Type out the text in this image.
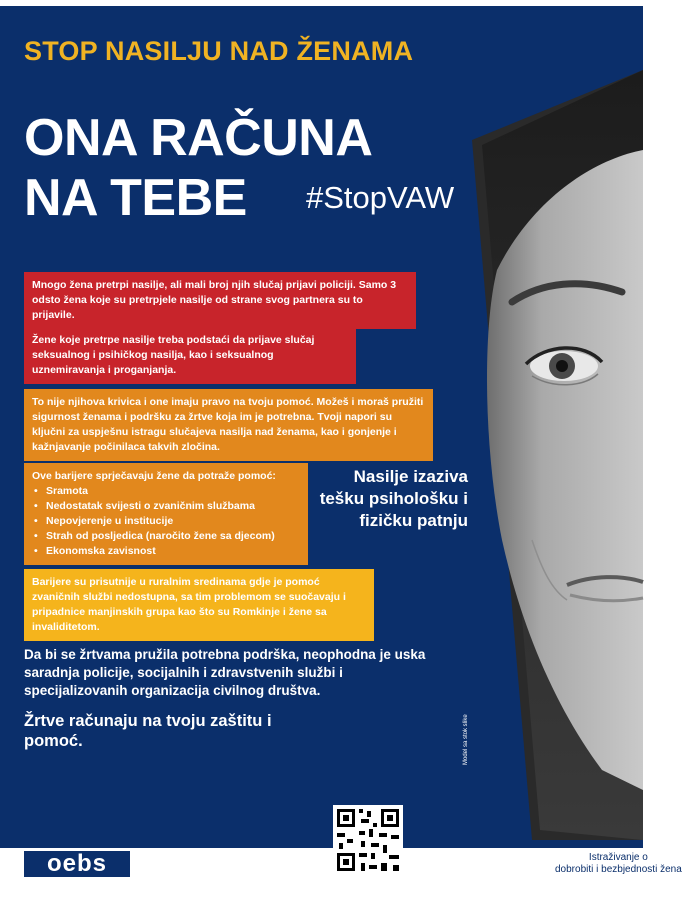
STOP NASILJU NAD ŽENAMA
ONA RAČUNA
NA TEBE	#StopVAW
Mnogo žena pretrpi nasilje, ali mali broj njih slučaj prijavi policiji. Samo 3 odsto žena koje su pretrpjele nasilje od strane svog partnera su to prijavile.
Žene koje pretrpe nasilje treba podstaći da prijave slučaj seksualnog i psihičkog nasilja, kao i seksualnog uznemiravanja i proganjanja.
To nije njihova krivica i one imaju pravo na tvoju pomoć. Možeš i moraš pružiti sigurnost ženama i podršku za žrtve koja im je potrebna. Tvoji napori su ključni za uspješnu istragu slučajeva nasilja nad ženama, kao i gonjenje i kažnjavanje počinilaca takvih zločina.
Ove barijere sprječavaju žene da potraže pomoć:
• Sramota
• Nedostatak svijesti o zvaničnim službama
• Nepovjerenje u institucije
• Strah od posljedica (naročito žene sa djecom)
• Ekonomska zavisnost
Barijere su prisutnije u ruralnim sredinama gdje je pomoć zvaničnih službi nedostupna, sa tim problemom se suočavaju i pripadnice manjinskih grupa kao što su Romkinje i žene sa invaliditetom.
Nasilje izaziva tešku psihološku i fizičku patnju
Da bi se žrtvama pružila potrebna podrška, neophodna je uska saradnja policije, socijalnih i zdravstvenih službi i specijalizovanih organizacija civilnog društva.
Žrtve računaju na tvoju zaštitu i pomoć.	Model sa stok slike
oebs	Organizacija za evropsku
bezbjednost i saradnju
Misija u Crnoj Gori
Istraživanje o
dobrobiti i bezbjednosti žena
